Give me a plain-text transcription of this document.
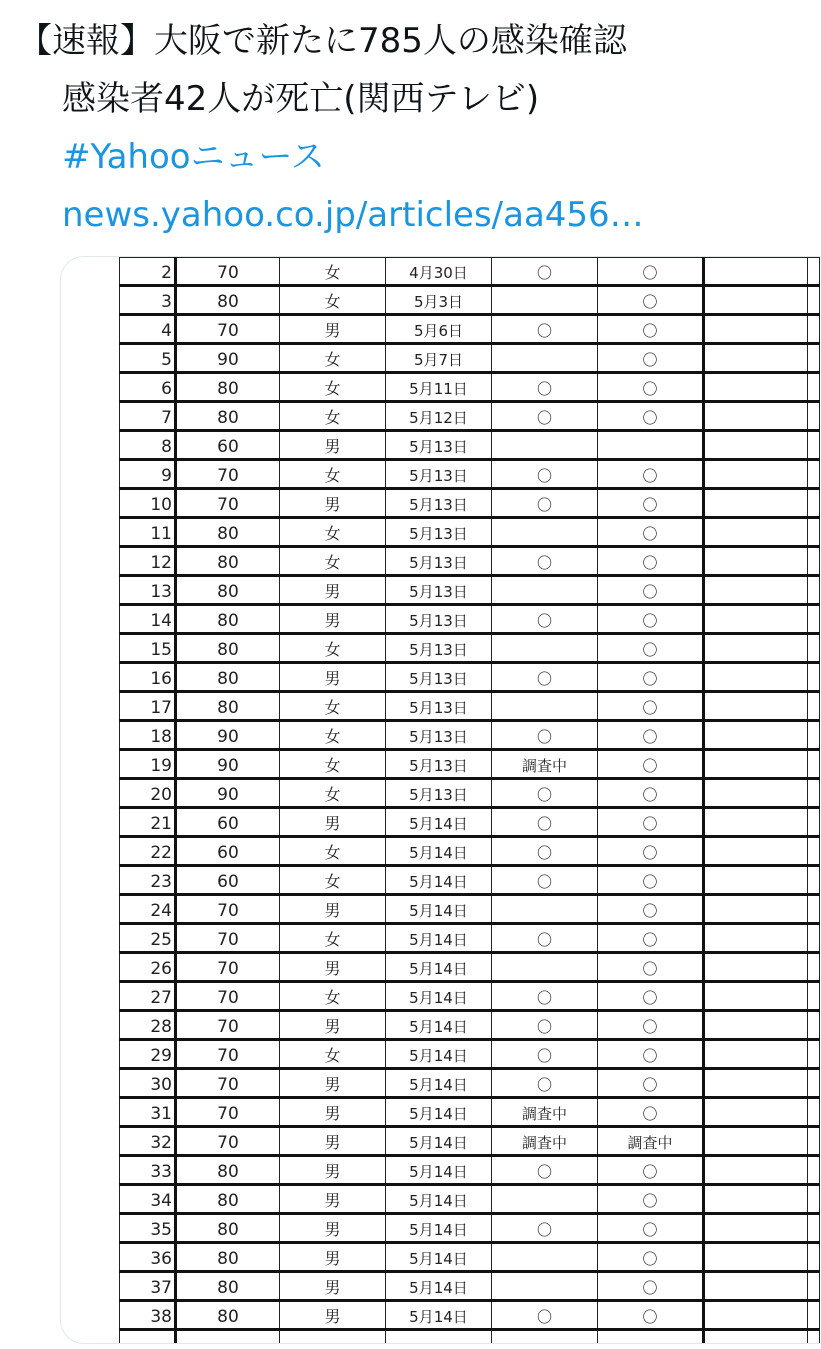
【速報】大阪で新たに785人の感染確認
感染者42人が死亡(関西テレビ)
#Yahooニュース
news.yahoo.co.jp/articles/aa456…
2	70	女	4月30日	〇	〇		
3	80	女	5月3日		〇		
4	70	男	5月6日	〇	〇		
5	90	女	5月7日		〇		
6	80	女	5月11日	〇	〇		
7	80	女	5月12日	〇	〇		
8	60	男	5月13日				
9	70	女	5月13日	〇	〇		
10	70	男	5月13日	〇	〇		
11	80	女	5月13日		〇		
12	80	女	5月13日	〇	〇		
13	80	男	5月13日		〇		
14	80	男	5月13日	〇	〇		
15	80	女	5月13日		〇		
16	80	男	5月13日	〇	〇		
17	80	女	5月13日		〇		
18	90	女	5月13日	〇	〇		
19	90	女	5月13日	調査中	〇		
20	90	女	5月13日	〇	〇		
21	60	男	5月14日	〇	〇		
22	60	女	5月14日	〇	〇		
23	60	女	5月14日	〇	〇		
24	70	男	5月14日		〇		
25	70	女	5月14日	〇	〇		
26	70	男	5月14日		〇		
27	70	女	5月14日	〇	〇		
28	70	男	5月14日	〇	〇		
29	70	女	5月14日	〇	〇		
30	70	男	5月14日	〇	〇		
31	70	男	5月14日	調査中	〇		
32	70	男	5月14日	調査中	調査中		
33	80	男	5月14日	〇	〇		
34	80	男	5月14日		〇		
35	80	男	5月14日	〇	〇		
36	80	男	5月14日		〇		
37	80	男	5月14日		〇		
38	80	男	5月14日	〇	〇		
